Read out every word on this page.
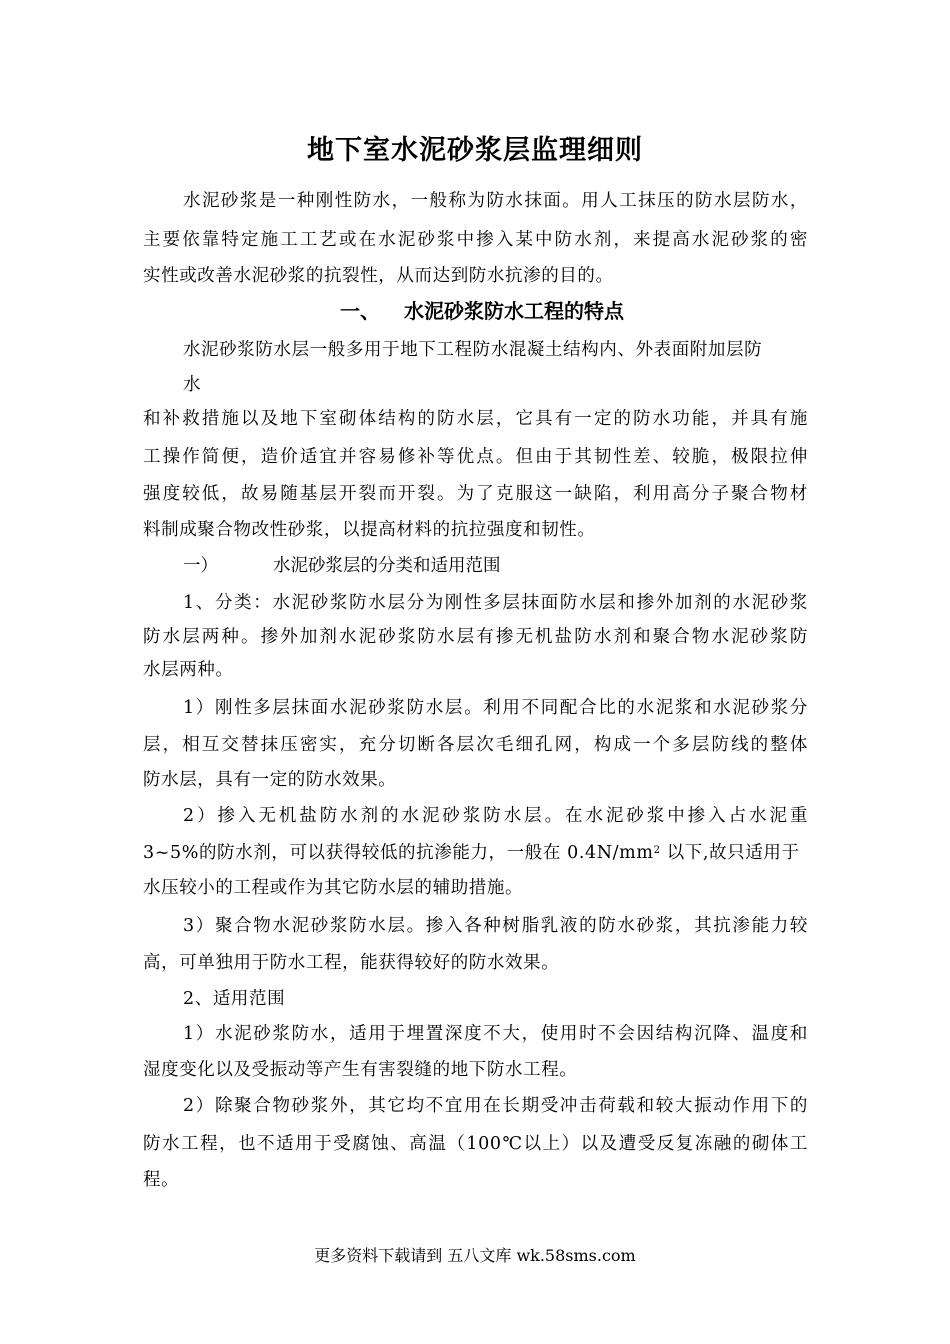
地下室水泥砂浆层监理细则
水泥砂浆是一种刚性防水，一般称为防水抹面。用人工抹压的防水层防水，
主要依靠特定施工工艺或在水泥砂浆中掺入某中防水剂，来提高水泥砂浆的密
实性或改善水泥砂浆的抗裂性，从而达到防水抗渗的目的。
一、 水泥砂浆防水工程的特点
水泥砂浆防水层一般多用于地下工程防水混凝土结构内、外表面附加层防
水
和补救措施以及地下室砌体结构的防水层，它具有一定的防水功能，并具有施
工操作简便，造价适宜并容易修补等优点。但由于其韧性差、较脆，极限拉伸
强度较低，故易随基层开裂而开裂。为了克服这一缺陷，利用高分子聚合物材
料制成聚合物改性砂浆，以提高材料的抗拉强度和韧性。
一）	水泥砂浆层的分类和适用范围
1、分类：水泥砂浆防水层分为刚性多层抹面防水层和掺外加剂的水泥砂浆
防水层两种。掺外加剂水泥砂浆防水层有掺无机盐防水剂和聚合物水泥砂浆防
水层两种。
1）刚性多层抹面水泥砂浆防水层。利用不同配合比的水泥浆和水泥砂浆分
层，相互交替抹压密实，充分切断各层次毛细孔网，构成一个多层防线的整体
防水层，具有一定的防水效果。
2）掺入无机盐防水剂的水泥砂浆防水层。在水泥砂浆中掺入占水泥重
3~5%的防水剂，可以获得较低的抗渗能力，一般在 $0.4N/mm^2$ 以下,故只适用于
水压较小的工程或作为其它防水层的辅助措施。
3）聚合物水泥砂浆防水层。掺入各种树脂乳液的防水砂浆，其抗渗能力较
高，可单独用于防水工程，能获得较好的防水效果。
2、适用范围
1）水泥砂浆防水，适用于埋置深度不大，使用时不会因结构沉降、温度和
湿度变化以及受振动等产生有害裂缝的地下防水工程。
2）除聚合物砂浆外，其它均不宜用在长期受冲击荷载和较大振动作用下的
防水工程，也不适用于受腐蚀、高温（100℃以上）以及遭受反复冻融的砌体工
程。
更多资料下载请到 五八文库 wk.58sms.com
